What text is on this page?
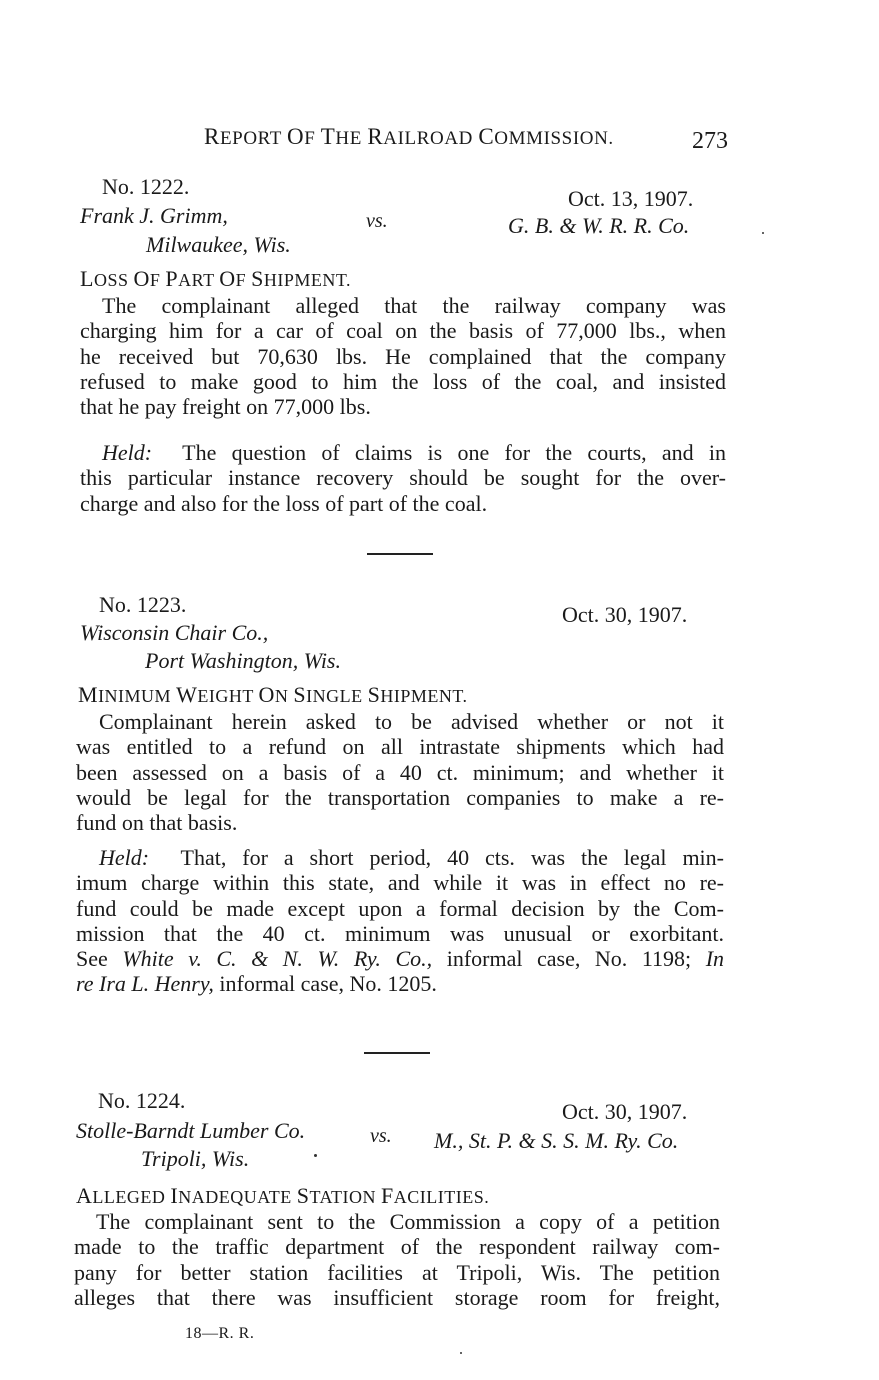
REPORT OF THE RAILROAD COMMISSION.	273
No. 1222.	Oct. 13, 1907.
Frank J. Grimm,	vs.	G. B. & W. R. R. Co.
Milwaukee, Wis.
LOSS OF PART OF SHIPMENT.
The complainant alleged that the railway company was
charging him for a car of coal on the basis of 77,000 lbs., when
he received but 70,630 lbs. He complained that the company
refused to make good to him the loss of the coal, and insisted
that he pay freight on 77,000 lbs.
Held: The question of claims is one for the courts, and in
this particular instance recovery should be sought for the over-
charge and also for the loss of part of the coal.
No. 1223.	Oct. 30, 1907.
Wisconsin Chair Co.,
Port Washington, Wis.
MINIMUM WEIGHT ON SINGLE SHIPMENT.
Complainant herein asked to be advised whether or not it
was entitled to a refund on all intrastate shipments which had
been assessed on a basis of a 40 ct. minimum; and whether it
would be legal for the transportation companies to make a re-
fund on that basis.
Held: That, for a short period, 40 cts. was the legal min-
imum charge within this state, and while it was in effect no re-
fund could be made except upon a formal decision by the Com-
mission that the 40 ct. minimum was unusual or exorbitant.
See White v. C. & N. W. Ry. Co., informal case, No. 1198; In
re Ira L. Henry, informal case, No. 1205.
No. 1224.	Oct. 30, 1907.
Stolle-Barndt Lumber Co.	vs. M., St. P. & S. S. M. Ry. Co.
Tripoli, Wis.
ALLEGED INADEQUATE STATION FACILITIES.
The complainant sent to the Commission a copy of a petition
made to the traffic department of the respondent railway com-
pany for better station facilities at Tripoli, Wis. The petition
alleges that there was insufficient storage room for freight,
18—R. R.
